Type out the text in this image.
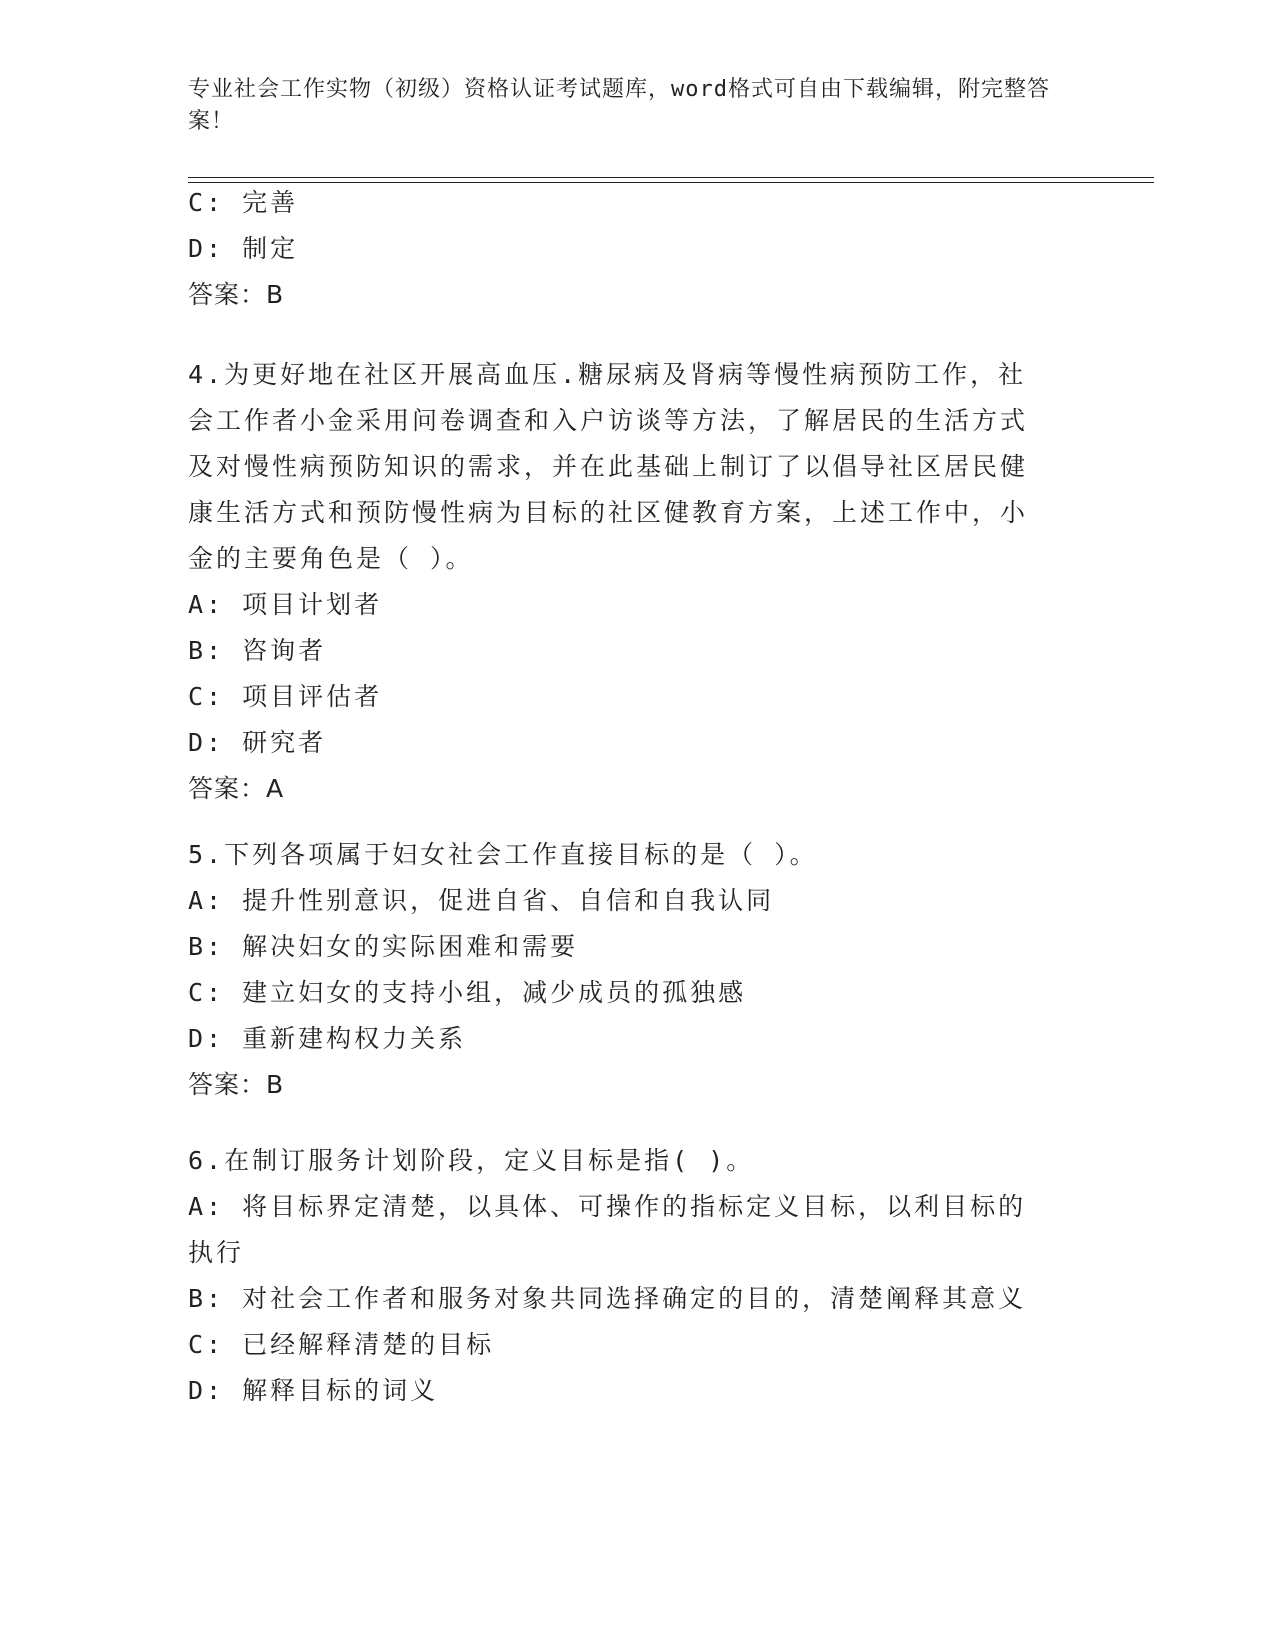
专业社会工作实物（初级）资格认证考试题库，word格式可自由下载编辑，附完整答案！
C: 完善
D: 制定
答案：B
4.为更好地在社区开展高血压.糖尿病及肾病等慢性病预防工作，社会工作者小金采用问卷调查和入户访谈等方法，了解居民的生活方式及对慢性病预防知识的需求，并在此基础上制订了以倡导社区居民健康生活方式和预防慢性病为目标的社区健教育方案，上述工作中，小金的主要角色是（ ）。
A: 项目计划者
B: 咨询者
C: 项目评估者
D: 研究者
答案：A
5.下列各项属于妇女社会工作直接目标的是（ ）。
A: 提升性别意识，促进自省、自信和自我认同
B: 解决妇女的实际困难和需要
C: 建立妇女的支持小组，减少成员的孤独感
D: 重新建构权力关系
答案：B
6.在制订服务计划阶段，定义目标是指( )。
A: 将目标界定清楚，以具体、可操作的指标定义目标，以利目标的执行
B: 对社会工作者和服务对象共同选择确定的目的，清楚阐释其意义
C: 已经解释清楚的目标
D: 解释目标的词义
